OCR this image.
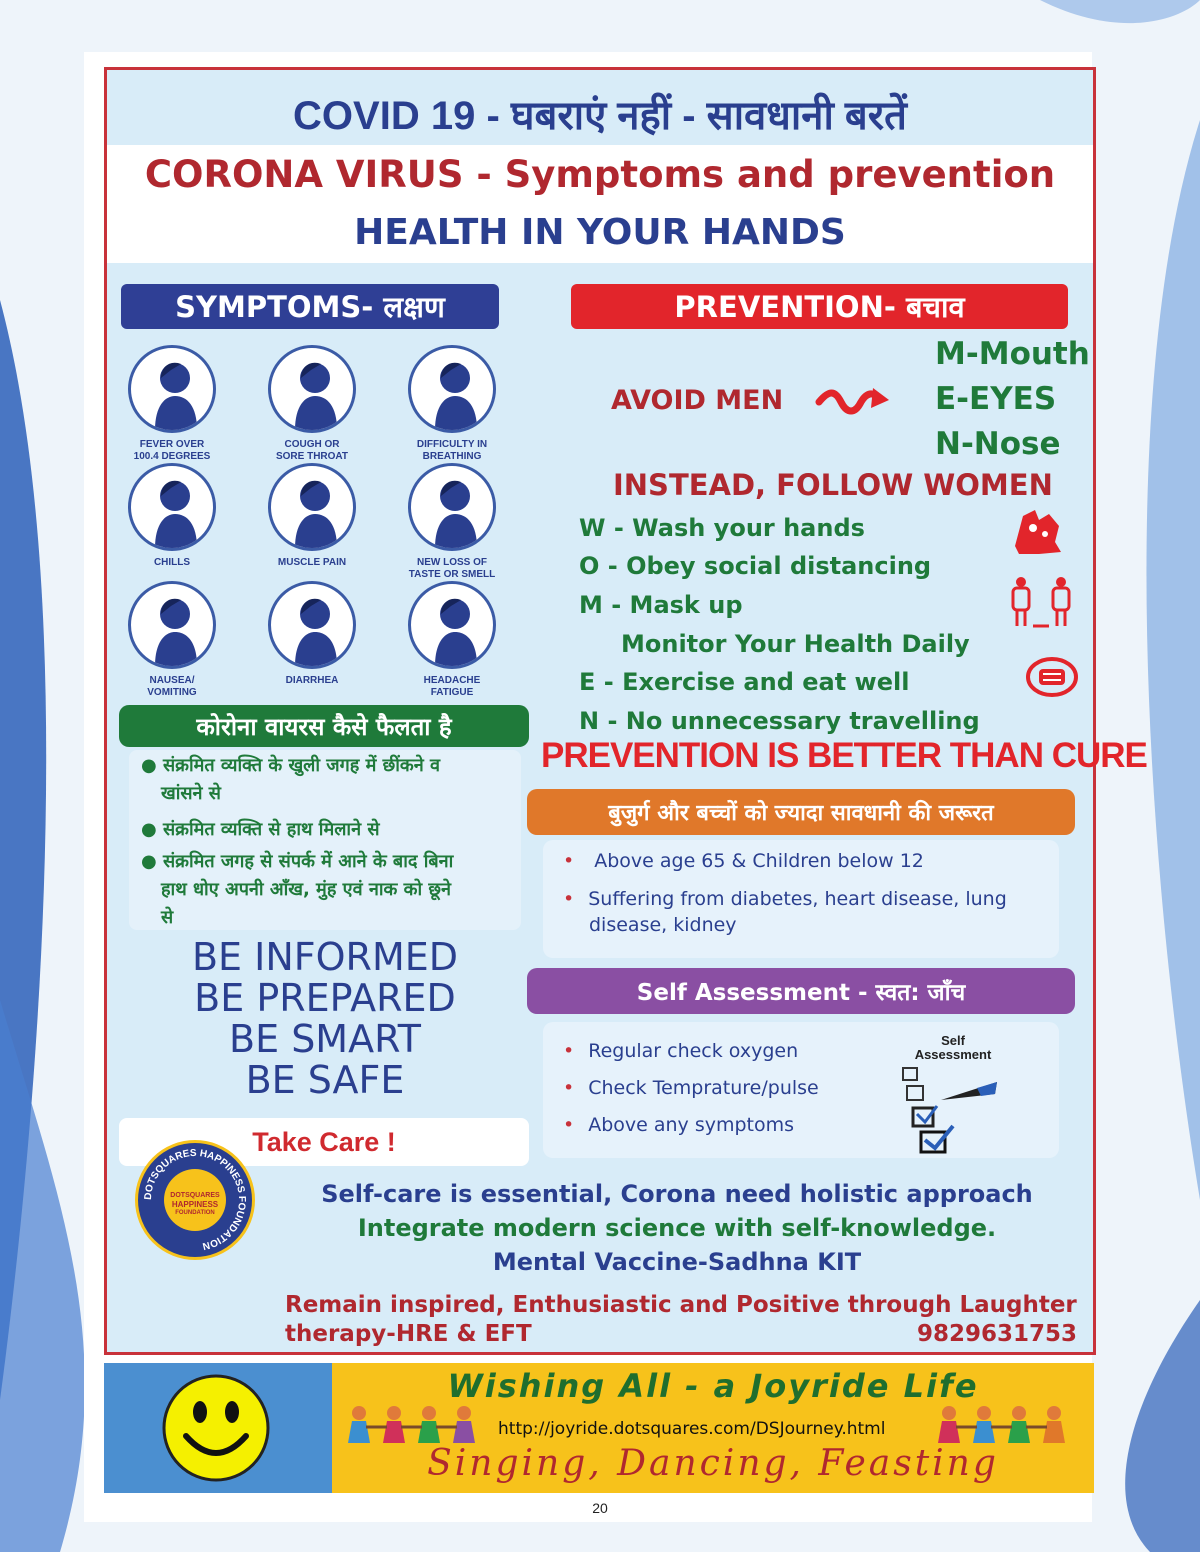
COVID 19 - घबराएं नहीं - सावधानी बरतें
CORONA VIRUS - Symptoms and prevention
HEALTH IN YOUR HANDS
SYMPTOMS- लक्षण
कोरोना वायरस कैसे फैलता है
● संक्रमित व्यक्ति के खुली जगह में छींकने व
खांसने से
● संक्रमित व्यक्ति से हाथ मिलाने से
● संक्रमित जगह से संपर्क में आने के बाद बिना
हाथ धोए अपनी आँख, मुंह एवं नाक को छूने
से
BE INFORMED
BE PREPARED
BE SMART
BE SAFE
Take Care !
PREVENTION- बचाव
AVOID MEN
M-Mouth
E-EYES
N-Nose
INSTEAD, FOLLOW WOMEN
W - Wash your hands
O - Obey social distancing
M - Mask up
Monitor Your Health Daily
E - Exercise and eat well
N - No unnecessary travelling
PREVENTION IS BETTER THAN CURE
बुजुर्ग और बच्चों को ज्यादा सावधानी की जरूरत
• Above age 65 & Children below 12
• Suffering from diabetes, heart disease, lung
disease, kidney
Self Assessment - स्वत: जाँच
• Regular check oxygen
• Check Temprature/pulse
• Above any symptoms
Self
Assessment
Self-care is essential, Corona need holistic approach
Integrate modern science with self-knowledge.
Mental Vaccine-Sadhna KIT
Remain inspired, Enthusiastic and Positive through Laughter
therapy-HRE & EFT	9829631753
DOTSQUARES HAPPINESS FOUNDATION
DOTSQUARES
HAPPINESS
FOUNDATION
FEVER OVER
100.4 DEGREES
COUGH OR
SORE THROAT
DIFFICULTY IN
BREATHING
CHILLS	MUSCLE PAIN	NEW LOSS OF
TASTE OR SMELL
NAUSEA/
VOMITING
DIARRHEA	HEADACHE
FATIGUE
Wishing All - a Joyride Life
http://joyride.dotsquares.com/DSJourney.html
Singing, Dancing, Feasting
20
